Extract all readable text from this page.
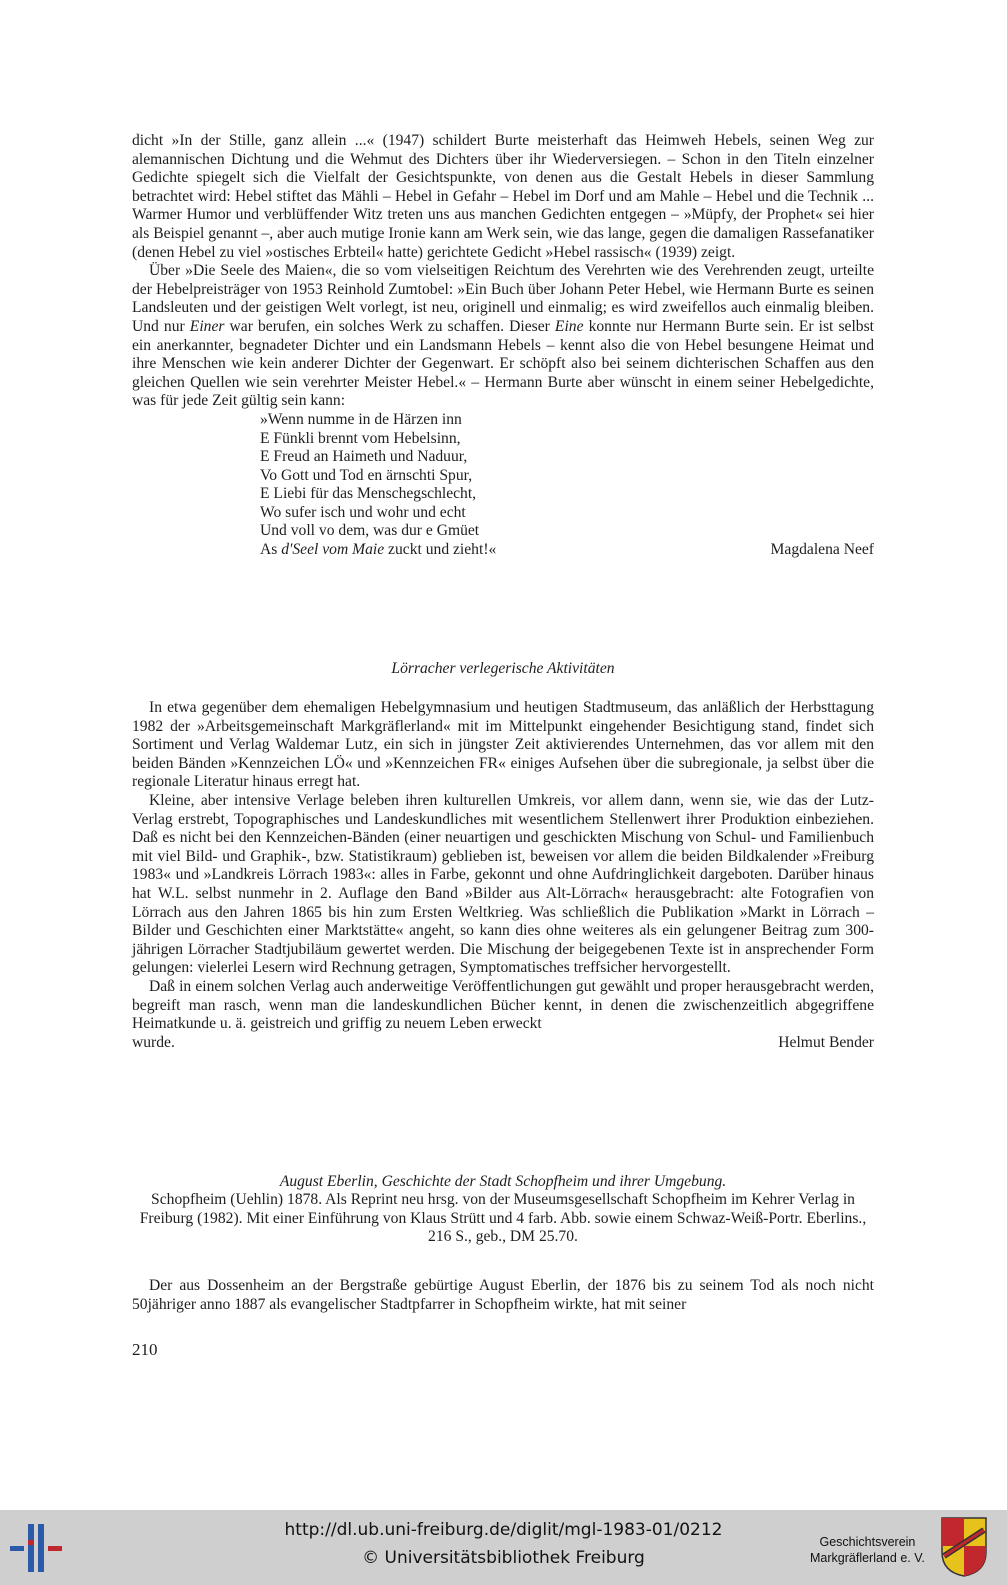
dicht »In der Stille, ganz allein ...« (1947) schildert Burte meisterhaft das Heimweh Hebels, seinen Weg zur alemannischen Dichtung und die Wehmut des Dichters über ihr Wiederversiegen. – Schon in den Titeln einzelner Gedichte spiegelt sich die Vielfalt der Gesichtspunkte, von denen aus die Gestalt Hebels in dieser Sammlung betrachtet wird: Hebel stiftet das Mähli – Hebel in Gefahr – Hebel im Dorf und am Mahle – Hebel und die Technik ... Warmer Humor und verblüffender Witz treten uns aus manchen Gedichten entgegen – »Müpfy, der Prophet« sei hier als Beispiel genannt –, aber auch mutige Ironie kann am Werk sein, wie das lange, gegen die damaligen Rassefanatiker (denen Hebel zu viel »ostisches Erbteil« hatte) gerichtete Gedicht »Hebel rassisch« (1939) zeigt.

Über »Die Seele des Maien«, die so vom vielseitigen Reichtum des Verehrten wie des Verehrenden zeugt, urteilte der Hebelpreisträger von 1953 Reinhold Zumtobel: »Ein Buch über Johann Peter Hebel, wie Hermann Burte es seinen Landsleuten und der geistigen Welt vorlegt, ist neu, originell und einmalig; es wird zweifellos auch einmalig bleiben. Und nur Einer war berufen, ein solches Werk zu schaffen. Dieser Eine konnte nur Hermann Burte sein. Er ist selbst ein anerkannter, begnadeter Dichter und ein Landsmann Hebels – kennt also die von Hebel besungene Heimat und ihre Menschen wie kein anderer Dichter der Gegenwart. Er schöpft also bei seinem dichterischen Schaffen aus den gleichen Quellen wie sein verehrter Meister Hebel.« – Hermann Burte aber wünscht in einem seiner Hebelgedichte, was für jede Zeit gültig sein kann:

»Wenn numme in de Härzen inn
E Fünkli brennt vom Hebelsinn,
E Freud an Haimeth und Naduur,
Vo Gott und Tod en ärnschti Spur,
E Liebi für das Menschegschlecht,
Wo sufer isch und wohr und echt
Und voll vo dem, was dur e Gmüet
As d'Seel vom Maie zuckt und zieht!«	Magdalena Neef
Lörracher verlegerische Aktivitäten

In etwa gegenüber dem ehemaligen Hebelgymnasium und heutigen Stadtmuseum, das anläßlich der Herbsttagung 1982 der »Arbeitsgemeinschaft Markgräflerland« mit im Mittelpunkt eingehender Besichtigung stand, findet sich Sortiment und Verlag Waldemar Lutz, ein sich in jüngster Zeit aktivierendes Unternehmen, das vor allem mit den beiden Bänden »Kennzeichen LÖ« und »Kennzeichen FR« einiges Aufsehen über die subregionale, ja selbst über die regionale Literatur hinaus erregt hat.

Kleine, aber intensive Verlage beleben ihren kulturellen Umkreis, vor allem dann, wenn sie, wie das der Lutz-Verlag erstrebt, Topographisches und Landeskundliches mit wesentlichem Stellenwert ihrer Produktion einbeziehen. Daß es nicht bei den Kennzeichen-Bänden (einer neuartigen und geschickten Mischung von Schul- und Familienbuch mit viel Bild- und Graphik-, bzw. Statistikraum) geblieben ist, beweisen vor allem die beiden Bildkalender »Freiburg 1983« und »Landkreis Lörrach 1983«: alles in Farbe, gekonnt und ohne Aufdringlichkeit dargeboten. Darüber hinaus hat W.L. selbst nunmehr in 2. Auflage den Band »Bilder aus Alt-Lörrach« herausgebracht: alte Fotografien von Lörrach aus den Jahren 1865 bis hin zum Ersten Weltkrieg. Was schließlich die Publikation »Markt in Lörrach – Bilder und Geschichten einer Marktstätte« angeht, so kann dies ohne weiteres als ein gelungener Beitrag zum 300-jährigen Lörracher Stadtjubiläum gewertet werden. Die Mischung der beigegebenen Texte ist in ansprechender Form gelungen: vielerlei Lesern wird Rechnung getragen, Symptomatisches treffsicher hervorgestellt.

Daß in einem solchen Verlag auch anderweitige Veröffentlichungen gut gewählt und proper herausgebracht werden, begreift man rasch, wenn man die landeskundlichen Bücher kennt, in denen die zwischenzeitlich abgegriffene Heimatkunde u. ä. geistreich und griffig zu neuem Leben erweckt

wurde.	Helmut Bender
August Eberlin, Geschichte der Stadt Schopfheim und ihrer Umgebung.
Schopfheim (Uehlin) 1878. Als Reprint neu hrsg. von der Museumsgesellschaft Schopfheim im Kehrer Verlag in Freiburg (1982). Mit einer Einführung von Klaus Strütt und 4 farb. Abb. sowie einem Schwaz-Weiß-Portr. Eberlins., 216 S., geb., DM 25.70.

Der aus Dossenheim an der Bergstraße gebürtige August Eberlin, der 1876 bis zu seinem Tod als noch nicht 50jähriger anno 1887 als evangelischer Stadtpfarrer in Schopfheim wirkte, hat mit seiner

210
http://dl.ub.uni-freiburg.de/diglit/mgl-1983-01/0212
© Universitätsbibliothek Freiburg
Geschichtsverein
Markgräflerland e. V.
